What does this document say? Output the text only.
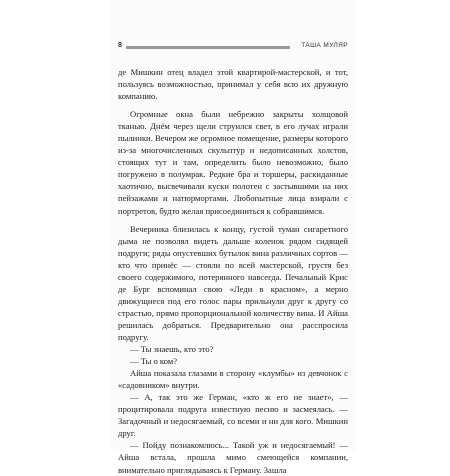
8	ТАША МУЛЯР

де Мишкин отец владел этой квартирой-мастерской, и тот, пользуясь возможностью, принимал у себя всю их дружную компанию.

Огромные окна были небрежно закрыты холщовой тканью. Днём через щели струился свет, в его лучах играли пылинки. Вечером же огромное помещение, размеры которого из-за многочисленных скульптур и недописанных холстов, стоящих тут и там, определить было невозможно, было погружено в полумрак. Редкие бра и торшеры, раскиданные хаотично, высвечивали куски полотен с застывшими на них пейзажами и натюрмортами. Любопытные лица взирали с портретов, будто желая присоединиться к собравшимся.

Вечеринка близилась к концу, густой туман сигаретного дыма не позволял видеть дальше коленок рядом сидящей подруги; ряды опустевших бутылок вина различных сортов — кто что принёс — стояли по всей мастерской, грустя без своего содержимого, потерянного навсегда. Печальный Крис де Бург вспоминал свою «Леди в красном», а мерно движущиеся под его голос пары прильнули друг к другу со страстью, прямо пропорциональной количеству вина. И Айша решилась добраться. Предварительно она расспросила подругу.

— Ты знаешь, кто это?

— Ты о ком?

Айша показала глазами в сторону «клумбы» из девчонок с «садовником» внутри.

— А, так это же Герман, «кто ж его не знает», — процитировала подруга известную песню и засмеялась. — Загадочный и недосягаемый, со всеми и ни для кого. Мишкин друг.

— Пойду познакомлюсь... Такой уж и недосягаемый! — Айша встала, прошла мимо смеющейся компании, внимательно приглядываясь к Герману. Зашла
